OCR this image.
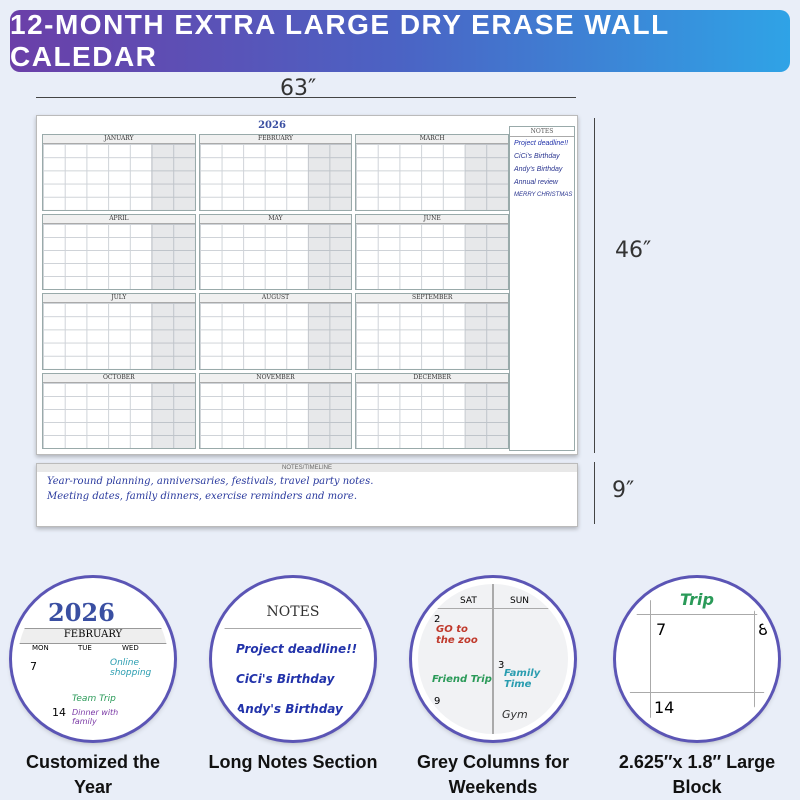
12-MONTH EXTRA LARGE DRY ERASE WALL CALEDAR
63″
46″
9″
2026
JANUARY	FEBRUARY	MARCH
APRIL	MAY	JUNE
JULY	AUGUST	SEPTEMBER
OCTOBER	NOVEMBER	DECEMBER
NOTES
Project deadline!!
CiCi's Birthday
Andy's Birthday
Annual review
MERRY CHRISTMAS
NOTES/TIMELINE
Year-round planning, anniversaries, festivals, travel party notes.
Meeting dates, family dinners, exercise reminders and more.
2026
FEBRUARY
MON	TUE	WED
Online shopping
Team Trip
14
7
Dinner with family
Customized the Year
NOTES
Project deadline!!
CiCi's Birthday
Andy's Birthday
Long Notes Section
SAT	SUN
2
GO to the zoo
Friend Trip
3
Family Time
9
Gym
Grey Columns for Weekends
Trip
7	8
14
2.625″x 1.8″ Large Block
